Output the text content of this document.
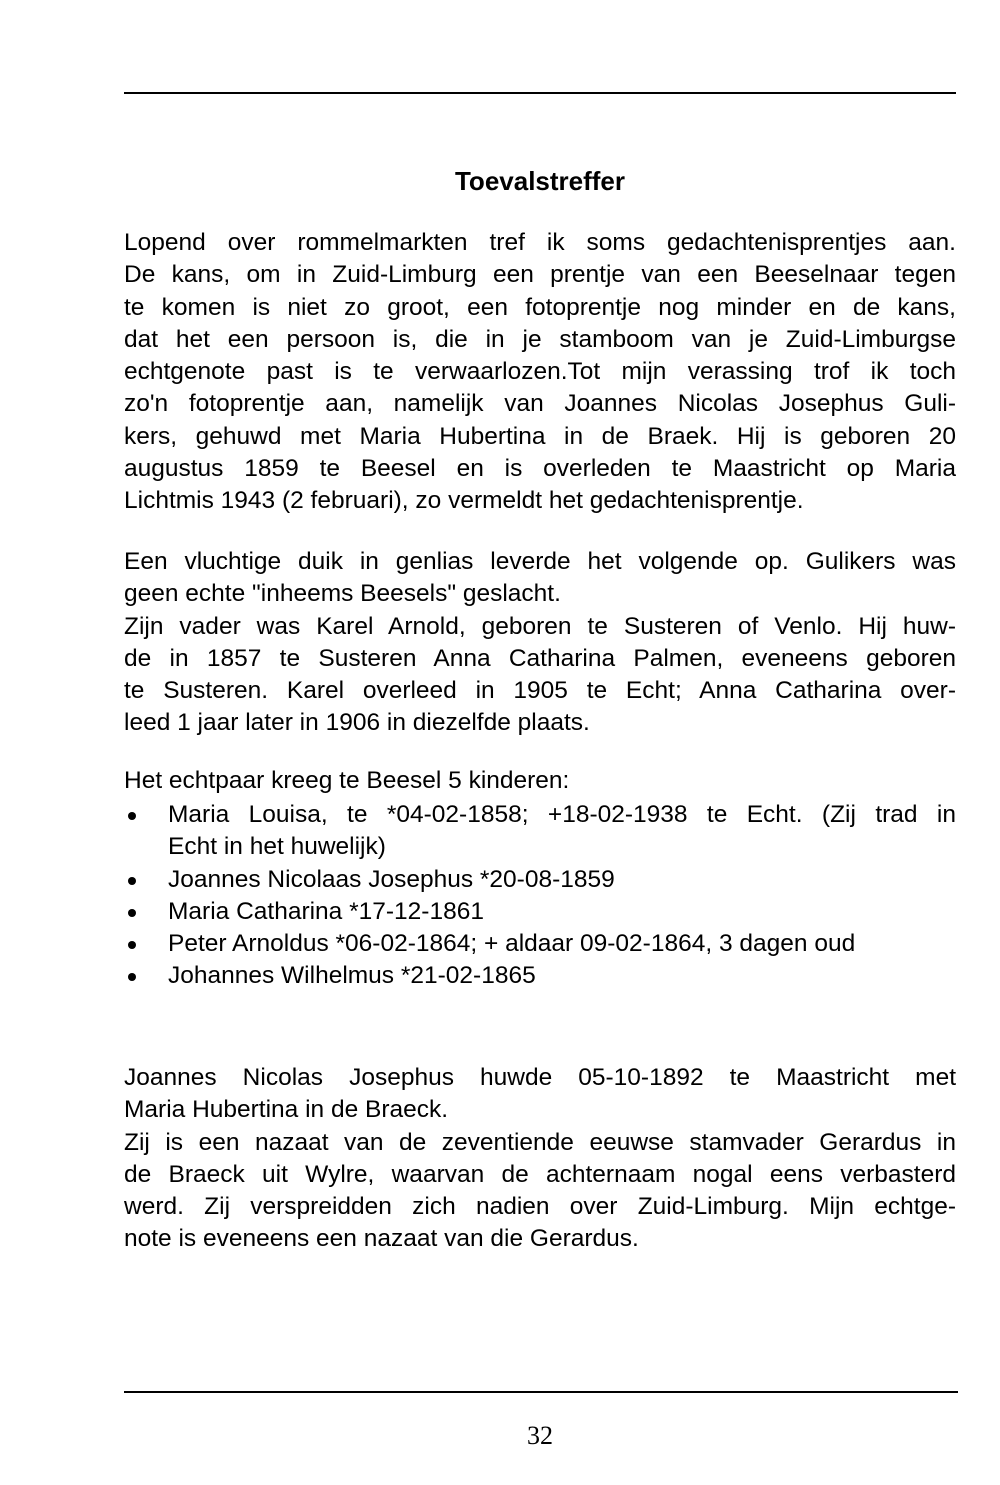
Toevalstreffer
Lopend over rommelmarkten tref ik soms gedachtenisprentjes aan.
De kans, om in Zuid-Limburg een prentje van een Beeselnaar tegen
te komen is niet zo groot, een fotoprentje nog minder en de kans,
dat het een persoon is, die in je stamboom van je Zuid-Limburgse
echtgenote past is te verwaarlozen.Tot mijn verassing trof ik toch
zo'n fotoprentje aan, namelijk van Joannes Nicolas Josephus Guli-
kers, gehuwd met Maria Hubertina in de Braek. Hij is geboren 20
augustus 1859 te Beesel en is overleden te Maastricht op Maria
Lichtmis 1943 (2 februari), zo vermeldt het gedachtenisprentje.
Een vluchtige duik in genlias leverde het volgende op. Gulikers was
geen echte "inheems Beesels" geslacht.
Zijn vader was Karel Arnold, geboren te Susteren of Venlo. Hij huw-
de in 1857 te Susteren Anna Catharina Palmen, eveneens geboren
te Susteren. Karel overleed in 1905 te Echt; Anna Catharina over-
leed 1 jaar later in 1906 in diezelfde plaats.
Het echtpaar kreeg te Beesel 5 kinderen:
Maria Louisa, te *04-02-1858; +18-02-1938 te Echt. (Zij trad in
Echt in het huwelijk)
Joannes Nicolaas Josephus *20-08-1859
Maria Catharina *17-12-1861
Peter Arnoldus *06-02-1864; + aldaar 09-02-1864, 3 dagen oud
Johannes Wilhelmus *21-02-1865
Joannes Nicolas Josephus huwde 05-10-1892 te Maastricht met
Maria Hubertina in de Braeck.
Zij is een nazaat van de zeventiende eeuwse stamvader Gerardus in
de Braeck uit Wylre, waarvan de achternaam nogal eens verbasterd
werd. Zij verspreidden zich nadien over Zuid-Limburg. Mijn echtge-
note is eveneens een nazaat van die Gerardus.
32
